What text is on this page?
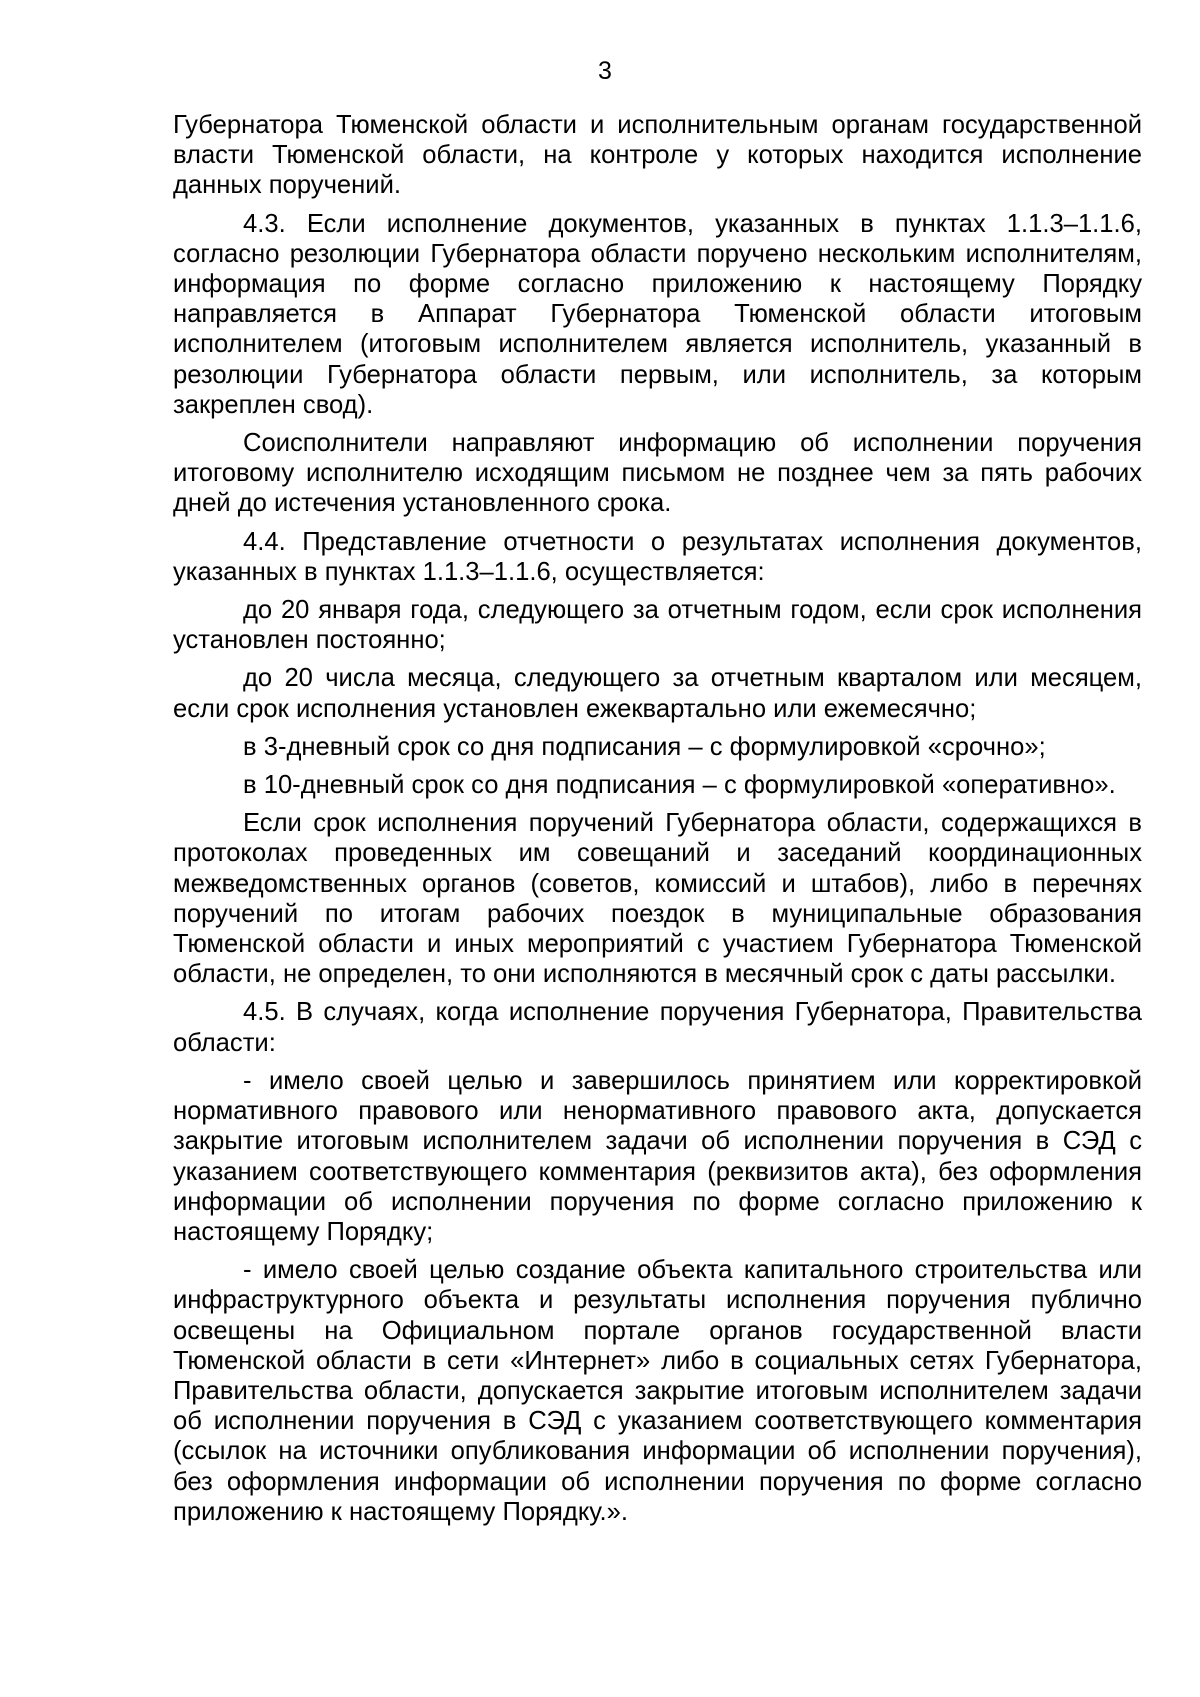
3

Губернатора Тюменской области и исполнительным органам государственной власти Тюменской области, на контроле у которых находится исполнение данных поручений.

4.3. Если исполнение документов, указанных в пунктах 1.1.3–1.1.6, согласно резолюции Губернатора области поручено нескольким исполнителям, информация по форме согласно приложению к настоящему Порядку направляется в Аппарат Губернатора Тюменской области итоговым исполнителем (итоговым исполнителем является исполнитель, указанный в резолюции Губернатора области первым, или исполнитель, за которым закреплен свод).

Соисполнители направляют информацию об исполнении поручения итоговому исполнителю исходящим письмом не позднее чем за пять рабочих дней до истечения установленного срока.

4.4. Представление отчетности о результатах исполнения документов, указанных в пунктах 1.1.3–1.1.6, осуществляется:

до 20 января года, следующего за отчетным годом, если срок исполнения установлен постоянно;

до 20 числа месяца, следующего за отчетным кварталом или месяцем, если срок исполнения установлен ежеквартально или ежемесячно;

в 3-дневный срок со дня подписания – с формулировкой «срочно»;

в 10-дневный срок со дня подписания – с формулировкой «оперативно».

Если срок исполнения поручений Губернатора области, содержащихся в протоколах проведенных им совещаний и заседаний координационных межведомственных органов (советов, комиссий и штабов), либо в перечнях поручений по итогам рабочих поездок в муниципальные образования Тюменской области и иных мероприятий с участием Губернатора Тюменской области, не определен, то они исполняются в месячный срок с даты рассылки.

4.5. В случаях, когда исполнение поручения Губернатора, Правительства области:

- имело своей целью и завершилось принятием или корректировкой нормативного правового или ненормативного правового акта, допускается закрытие итоговым исполнителем задачи об исполнении поручения в СЭД с указанием соответствующего комментария (реквизитов акта), без оформления информации об исполнении поручения по форме согласно приложению к настоящему Порядку;

- имело своей целью создание объекта капитального строительства или инфраструктурного объекта и результаты исполнения поручения публично освещены на Официальном портале органов государственной власти Тюменской области в сети «Интернет» либо в социальных сетях Губернатора, Правительства области, допускается закрытие итоговым исполнителем задачи об исполнении поручения в СЭД с указанием соответствующего комментария (ссылок на источники опубликования информации об исполнении поручения), без оформления информации об исполнении поручения по форме согласно приложению к настоящему Порядку.».
